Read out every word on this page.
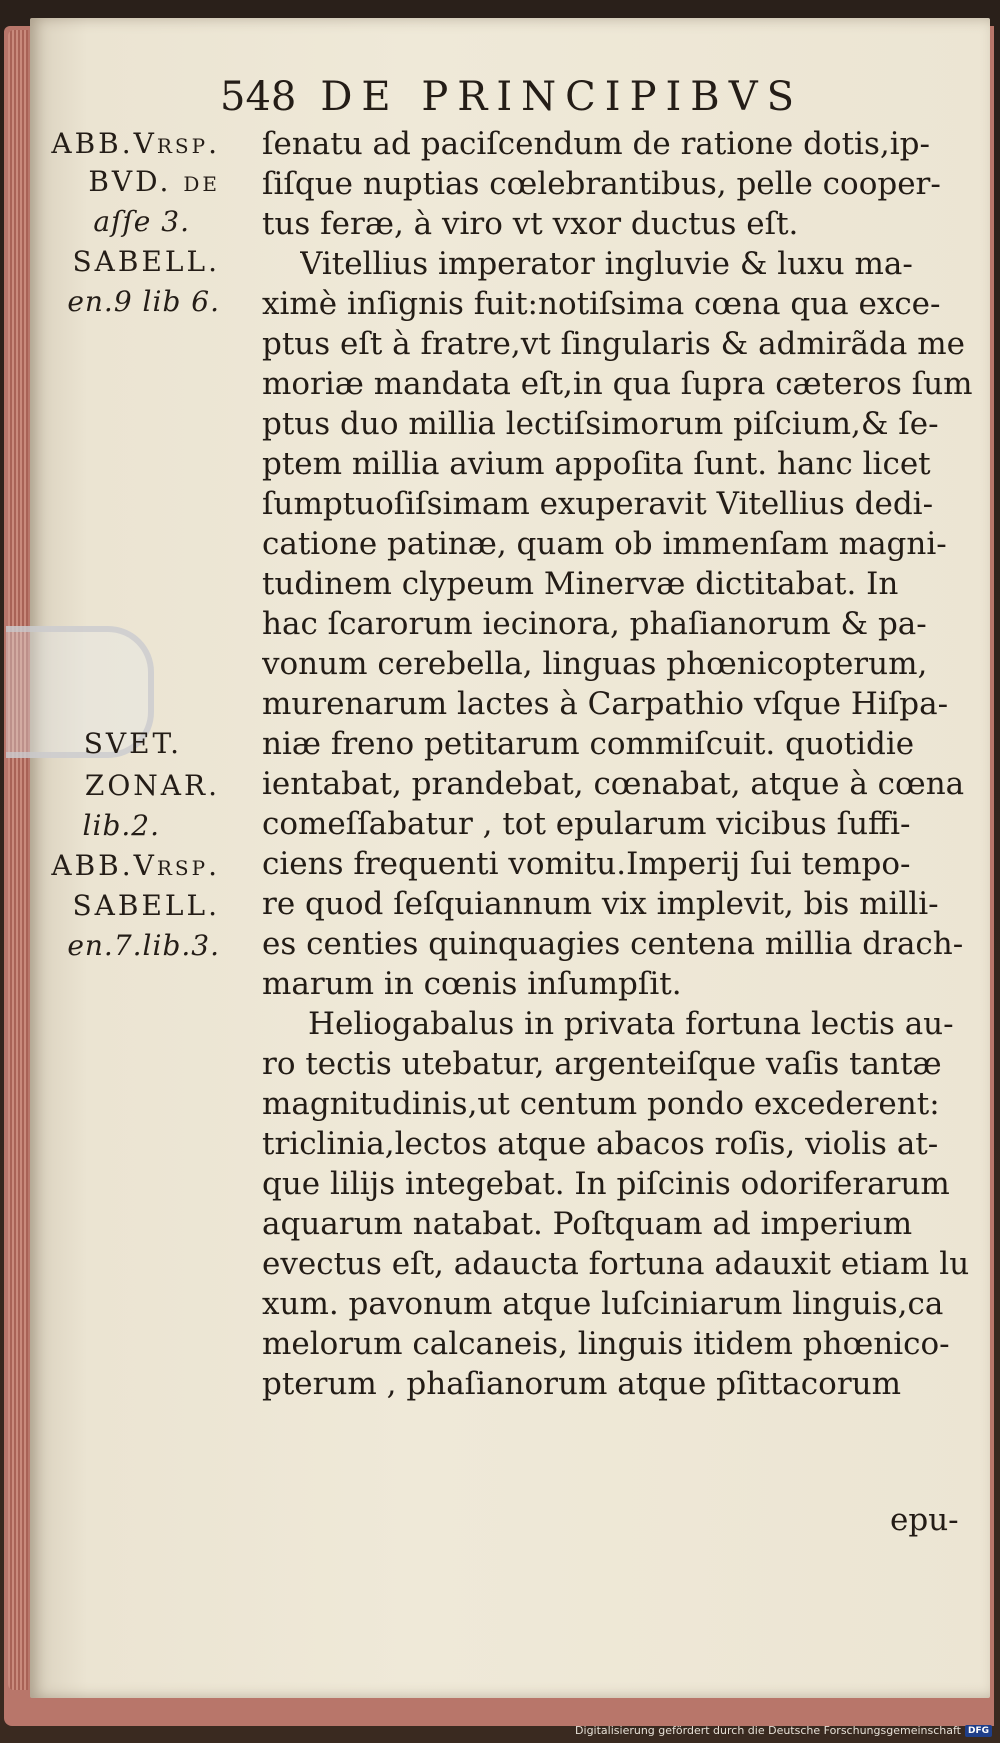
548 DE PRINCIPIBVS
ABB.Vrſp.
BVD. de
aſſe 3.
SABELL.
en.9 lib 6.
SVET.
ZONAR.
lib.2.
ABB.Vrſp.
SABELL.
en.7.lib.3.
ſenatu ad paciſcendum de ratione dotis,ip-
ſiſque nuptias cœlebrantibus, pelle cooper-
tus feræ, à viro vt vxor ductus eſt.
Vitellius imperator ingluvie & luxu ma-
ximè inſignis fuit:notiſsima cœna qua exce-
ptus eſt à fratre,vt ſingularis & admirãda me
moriæ mandata eſt,in qua ſupra cæteros ſum
ptus duo millia lectiſsimorum piſcium,& ſe-
ptem millia avium appoſita ſunt. hanc licet
ſumptuoſiſsimam exuperavit Vitellius dedi-
catione patinæ, quam ob immenſam magni-
tudinem clypeum Minervæ dictitabat. In
hac ſcarorum iecinora, phaſianorum & pa-
vonum cerebella, linguas phœnicopterum,
murenarum lactes à Carpathio vſque Hiſpa-
niæ freno petitarum commiſcuit. quotidie
ientabat, prandebat, cœnabat, atque à cœna
comeſſabatur , tot epularum vicibus ſuffi-
ciens frequenti vomitu.Imperij ſui tempo-
re quod ſeſquiannum vix implevit, bis milli-
es centies quinquagies centena millia drach-
marum in cœnis inſumpſit.
Heliogabalus in privata fortuna lectis au-
ro tectis utebatur, argenteiſque vaſis tantæ
magnitudinis,ut centum pondo excederent:
triclinia,lectos atque abacos roſis, violis at-
que lilijs integebat. In piſcinis odoriferarum
aquarum natabat. Poſtquam ad imperium
evectus eſt, adaucta fortuna adauxit etiam lu
xum. pavonum atque luſciniarum linguis,ca
melorum calcaneis, linguis itidem phœnico-
pterum , phaſianorum atque pſittacorum
epu-
Digitalisierung gefördert durch die Deutsche Forschungsgemeinschaft DFG
